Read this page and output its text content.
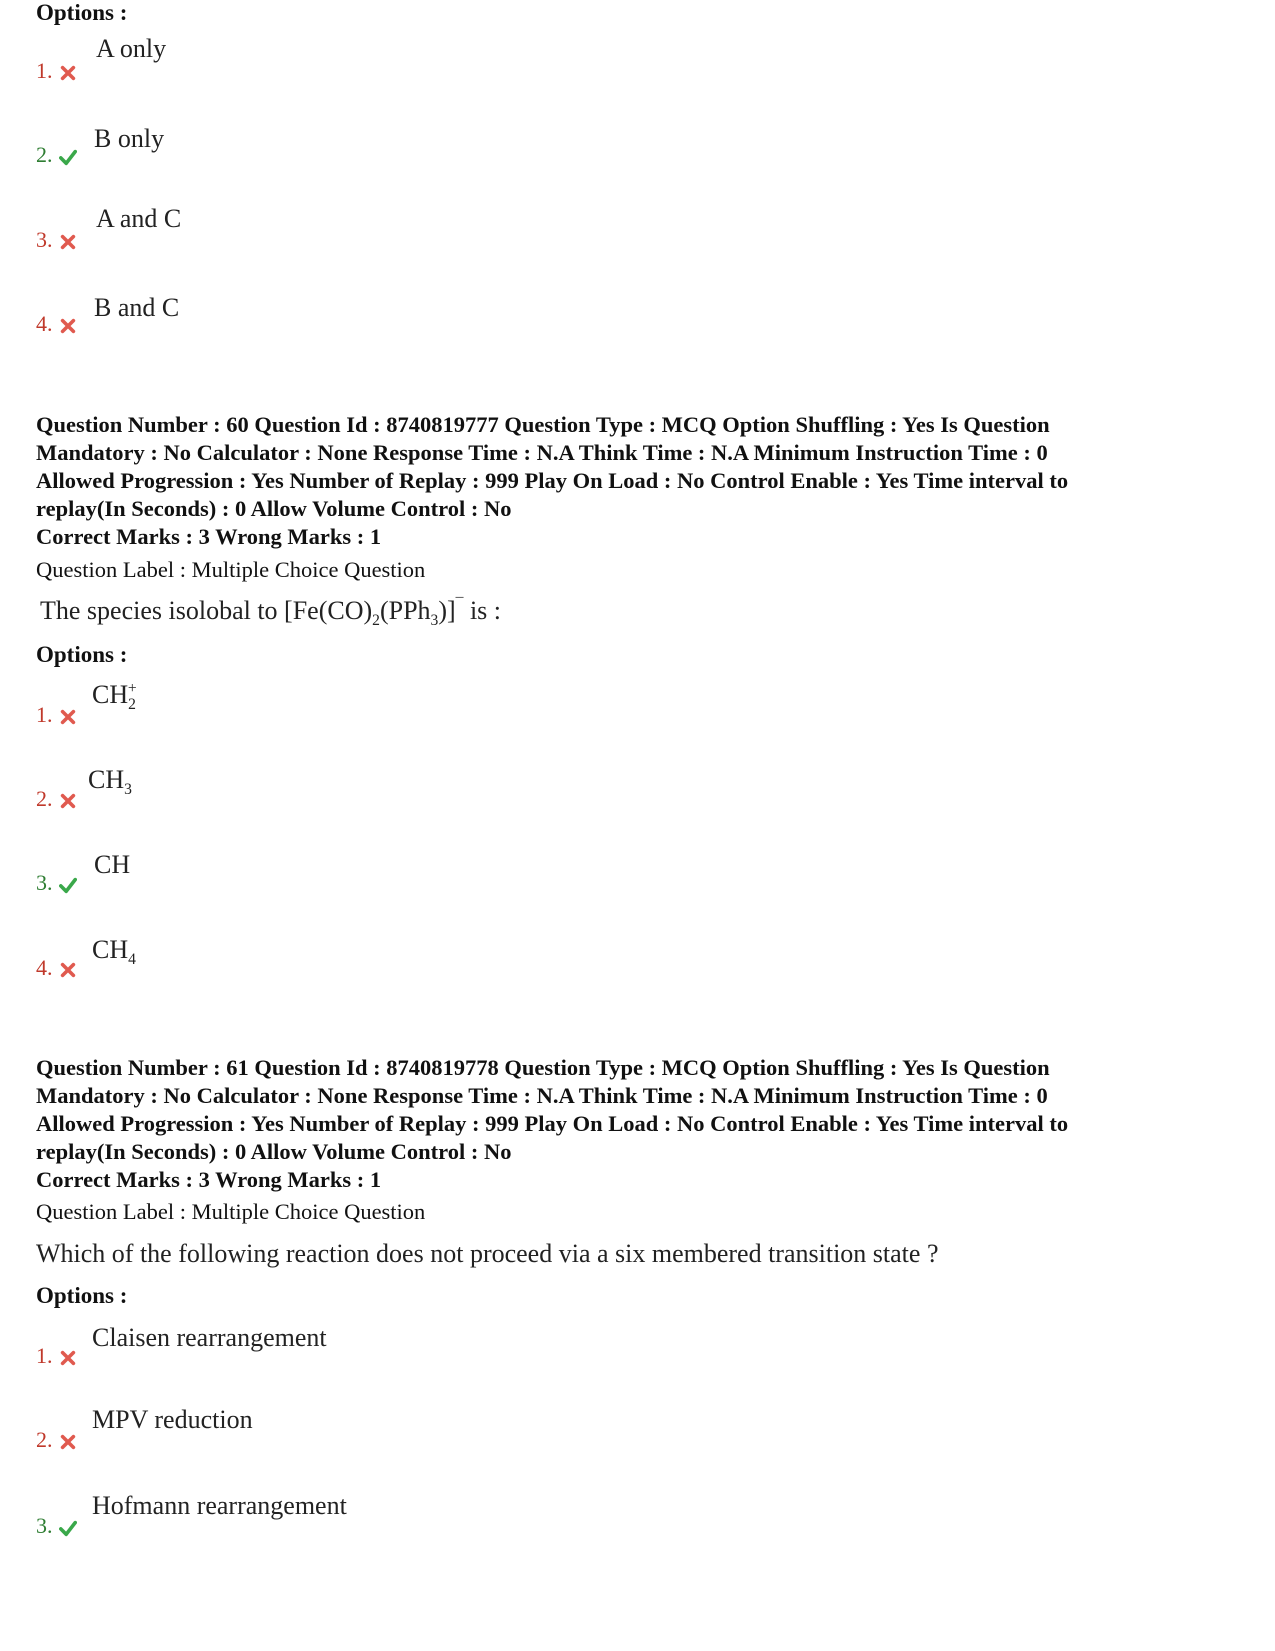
Options :
1.
A only
2.
B only
3.
A and C
4.
B and C
Question Number : 60 Question Id : 8740819777 Question Type : MCQ Option Shuffling : Yes Is Question
Mandatory : No Calculator : None Response Time : N.A Think Time : N.A Minimum Instruction Time : 0
Allowed Progression : Yes Number of Replay : 999 Play On Load : No Control Enable : Yes Time interval to
replay(In Seconds) : 0 Allow Volume Control : No
Correct Marks : 3 Wrong Marks : 1
Question Label : Multiple Choice Question
The species isolobal to $[Fe(CO)_2(PPh_3)]^¯$ is :
Options :
1.
$CH_2^+$
2.
$CH_3$
3.
CH
4.
$CH_4$
Question Number : 61 Question Id : 8740819778 Question Type : MCQ Option Shuffling : Yes Is Question
Mandatory : No Calculator : None Response Time : N.A Think Time : N.A Minimum Instruction Time : 0
Allowed Progression : Yes Number of Replay : 999 Play On Load : No Control Enable : Yes Time interval to
replay(In Seconds) : 0 Allow Volume Control : No
Correct Marks : 3 Wrong Marks : 1
Question Label : Multiple Choice Question
Which of the following reaction does not proceed via a six membered transition state ?
Options :
1.
Claisen rearrangement
2.
MPV reduction
3.
Hofmann rearrangement
